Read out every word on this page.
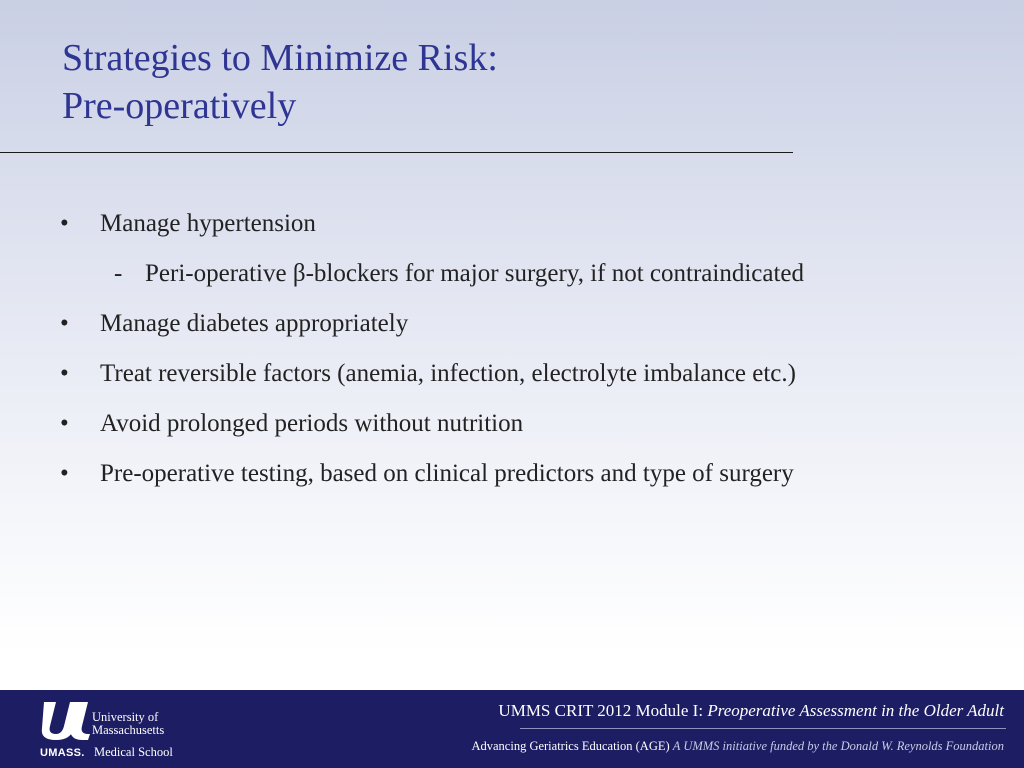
Strategies to Minimize Risk:
Pre-operatively
• Manage hypertension
- Peri-operative β-blockers for major surgery, if not contraindicated
• Manage diabetes appropriately
• Treat reversible factors (anemia, infection, electrolyte imbalance etc.)
• Avoid prolonged periods without nutrition
• Pre-operative testing, based on clinical predictors and type of surgery
University of
Massachusetts
UMASS. Medical School
UMMS CRIT 2012 Module I: Preoperative Assessment in the Older Adult
Advancing Geriatrics Education (AGE) A UMMS initiative funded by the Donald W. Reynolds Foundation
